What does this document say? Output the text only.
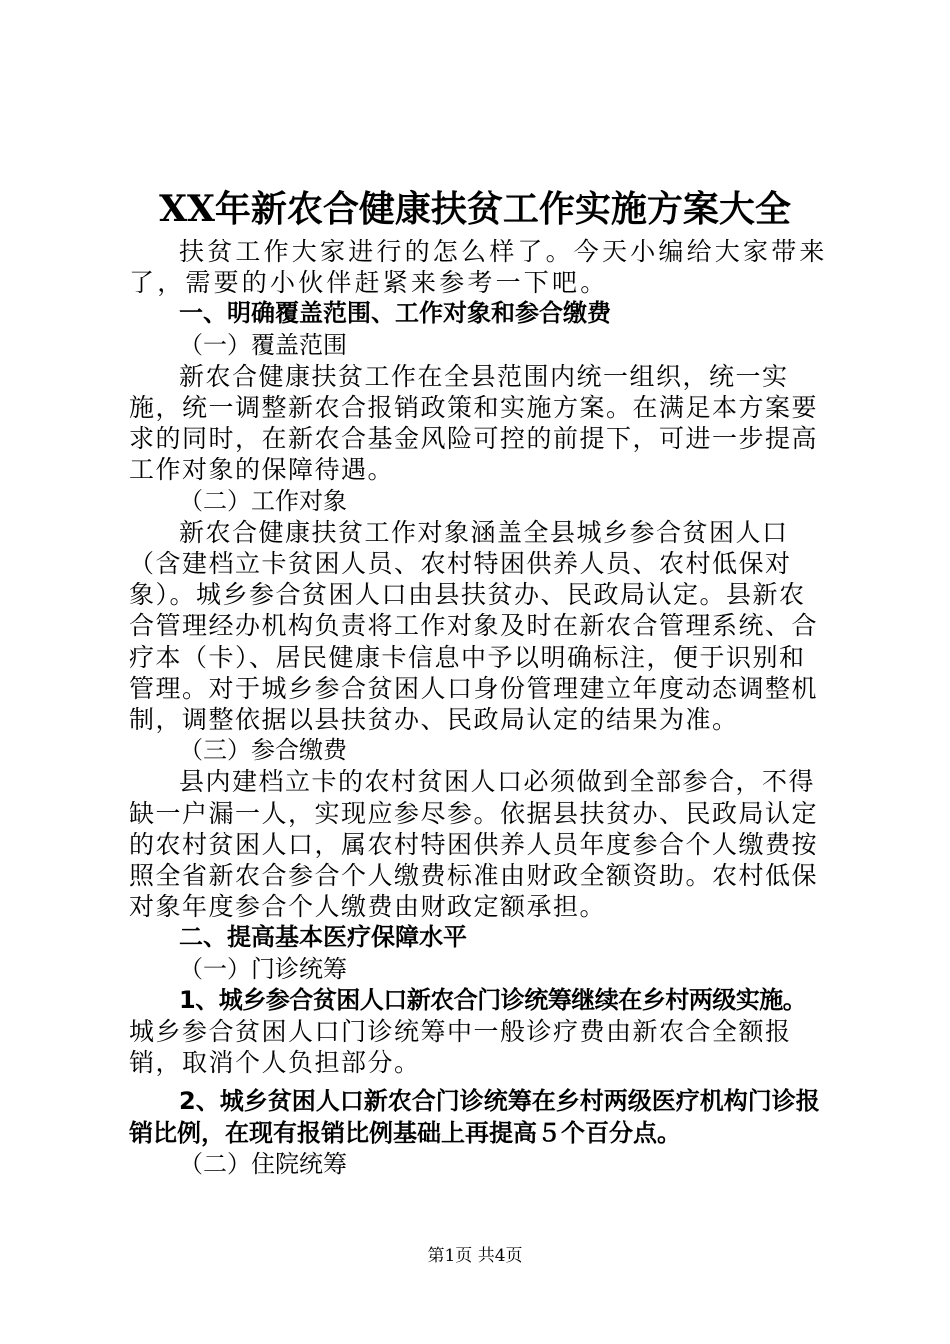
XX年新农合健康扶贫工作实施方案大全

扶贫工作大家进行的怎么样了。今天小编给大家带来了，需要的小伙伴赶紧来参考一下吧。

一、明确覆盖范围、工作对象和参合缴费

（一）覆盖范围

新农合健康扶贫工作在全县范围内统一组织，统一实施，统一调整新农合报销政策和实施方案。在满足本方案要求的同时，在新农合基金风险可控的前提下，可进一步提高工作对象的保障待遇。

（二）工作对象

新农合健康扶贫工作对象涵盖全县城乡参合贫困人口（含建档立卡贫困人员、农村特困供养人员、农村低保对象）。城乡参合贫困人口由县扶贫办、民政局认定。县新农合管理经办机构负责将工作对象及时在新农合管理系统、合疗本（卡）、居民健康卡信息中予以明确标注，便于识别和管理。对于城乡参合贫困人口身份管理建立年度动态调整机制，调整依据以县扶贫办、民政局认定的结果为准。

（三）参合缴费

县内建档立卡的农村贫困人口必须做到全部参合，不得缺一户漏一人，实现应参尽参。依据县扶贫办、民政局认定的农村贫困人口，属农村特困供养人员年度参合个人缴费按照全省新农合参合个人缴费标准由财政全额资助。农村低保对象年度参合个人缴费由财政定额承担。

二、提高基本医疗保障水平

（一）门诊统筹

1、城乡参合贫困人口新农合门诊统筹继续在乡村两级实施。

城乡参合贫困人口门诊统筹中一般诊疗费由新农合全额报销，取消个人负担部分。

2、城乡贫困人口新农合门诊统筹在乡村两级医疗机构门诊报销比例，在现有报销比例基础上再提高５个百分点。

（二）住院统筹

第1页 共4页
